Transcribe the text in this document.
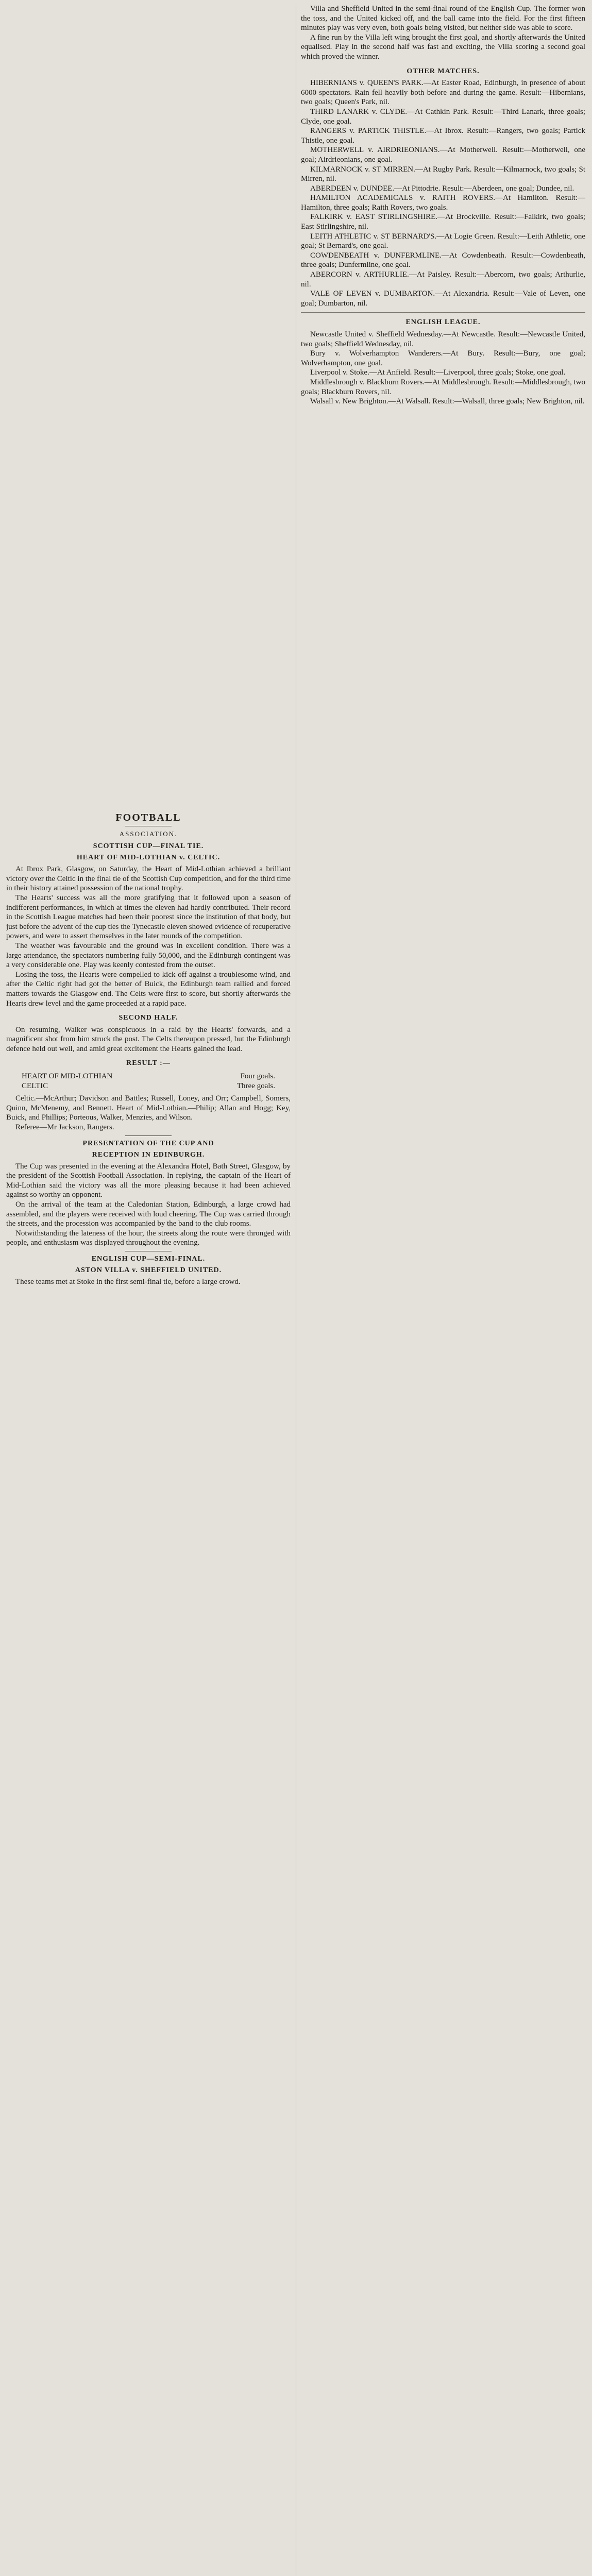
FOOTBALL
ASSOCIATION.
SCOTTISH CUP—FINAL TIE.
HEART OF MID-LOTHIAN v. CELTIC.

At Ibrox Park, Glasgow, on Saturday, the Heart of Mid-Lothian achieved a brilliant victory over the Celtic in the final tie of the Scottish Cup competition, and for the third time in their history attained possession of the national trophy.

The Hearts' success was all the more gratifying that it followed upon a season of indifferent performances, in which at times the eleven had hardly contributed. Their record in the Scottish League matches had been their poorest since the institution of that body, but just before the advent of the cup ties the Tynecastle eleven showed evidence of recuperative powers, and were to assert themselves in the later rounds of the competition.

The weather was favourable and the ground was in excellent condition. There was a large attendance, the spectators numbering fully 50,000, and the Edinburgh contingent was a very considerable one. Play was keenly contested from the outset.

Losing the toss, the Hearts were compelled to kick off against a troublesome wind, and after the Celtic right had got the better of Buick, the Edinburgh team rallied and forced matters towards the Glasgow end. The Celts were first to score, but shortly afterwards the Hearts drew level and the game proceeded at a rapid pace.

SECOND HALF.

On resuming, Walker was conspicuous in a raid by the Hearts' forwards, and a magnificent shot from him struck the post. The Celts thereupon pressed, but the Edinburgh defence held out well, and amid great excitement the Hearts gained the lead.

RESULT :—
HEART OF MID-LOTHIAN	Four goals.
CELTIC	Three goals.

Celtic.—McArthur; Davidson and Battles; Russell, Loney, and Orr; Campbell, Somers, Quinn, McMenemy, and Bennett. Heart of Mid-Lothian.—Philip; Allan and Hogg; Key, Buick, and Phillips; Porteous, Walker, Menzies, and Wilson.

Referee—Mr Jackson, Rangers.

PRESENTATION OF THE CUP AND
RECEPTION IN EDINBURGH.

The Cup was presented in the evening at the Alexandra Hotel, Bath Street, Glasgow, by the president of the Scottish Football Association. In replying, the captain of the Heart of Mid-Lothian said the victory was all the more pleasing because it had been achieved against so worthy an opponent.

On the arrival of the team at the Caledonian Station, Edinburgh, a large crowd had assembled, and the players were received with loud cheering. The Cup was carried through the streets, and the procession was accompanied by the band to the club rooms.

Notwithstanding the lateness of the hour, the streets along the route were thronged with people, and enthusiasm was displayed throughout the evening.

ENGLISH CUP—SEMI-FINAL.
ASTON VILLA v. SHEFFIELD UNITED.

These teams met at Stoke in the first semi-final tie, before a large crowd.

Villa and Sheffield United in the semi-final round of the English Cup. The former won the toss, and the United kicked off, and the ball came into the field. For the first fifteen minutes play was very even, both goals being visited, but neither side was able to score.

A fine run by the Villa left wing brought the first goal, and shortly afterwards the United equalised. Play in the second half was fast and exciting, the Villa scoring a second goal which proved the winner.

OTHER MATCHES.

HIBERNIANS v. QUEEN'S PARK.—At Easter Road, Edinburgh, in presence of about 6000 spectators. Rain fell heavily both before and during the game. Result:—Hibernians, two goals; Queen's Park, nil.

THIRD LANARK v. CLYDE.—At Cathkin Park. Result:—Third Lanark, three goals; Clyde, one goal.

RANGERS v. PARTICK THISTLE.—At Ibrox. Result:—Rangers, two goals; Partick Thistle, one goal.

MOTHERWELL v. AIRDRIEONIANS.—At Motherwell. Result:—Motherwell, one goal; Airdrieonians, one goal.

KILMARNOCK v. ST MIRREN.—At Rugby Park. Result:—Kilmarnock, two goals; St Mirren, nil.

ABERDEEN v. DUNDEE.—At Pittodrie. Result:—Aberdeen, one goal; Dundee, nil.

HAMILTON ACADEMICALS v. RAITH ROVERS.—At Hamilton. Result:—Hamilton, three goals; Raith Rovers, two goals.

FALKIRK v. EAST STIRLINGSHIRE.—At Brockville. Result:—Falkirk, two goals; East Stirlingshire, nil.

LEITH ATHLETIC v. ST BERNARD'S.—At Logie Green. Result:—Leith Athletic, one goal; St Bernard's, one goal.

COWDENBEATH v. DUNFERMLINE.—At Cowdenbeath. Result:—Cowdenbeath, three goals; Dunfermline, one goal.

ABERCORN v. ARTHURLIE.—At Paisley. Result:—Abercorn, two goals; Arthurlie, nil.

VALE OF LEVEN v. DUMBARTON.—At Alexandria. Result:—Vale of Leven, one goal; Dumbarton, nil.

ENGLISH LEAGUE.

Newcastle United v. Sheffield Wednesday.—At Newcastle. Result:—Newcastle United, two goals; Sheffield Wednesday, nil.

Bury v. Wolverhampton Wanderers.—At Bury. Result:—Bury, one goal; Wolverhampton, one goal.

Liverpool v. Stoke.—At Anfield. Result:—Liverpool, three goals; Stoke, one goal.

Middlesbrough v. Blackburn Rovers.—At Middlesbrough. Result:—Middlesbrough, two goals; Blackburn Rovers, nil.

Walsall v. New Brighton.—At Walsall. Result:—Walsall, three goals; New Brighton, nil.
